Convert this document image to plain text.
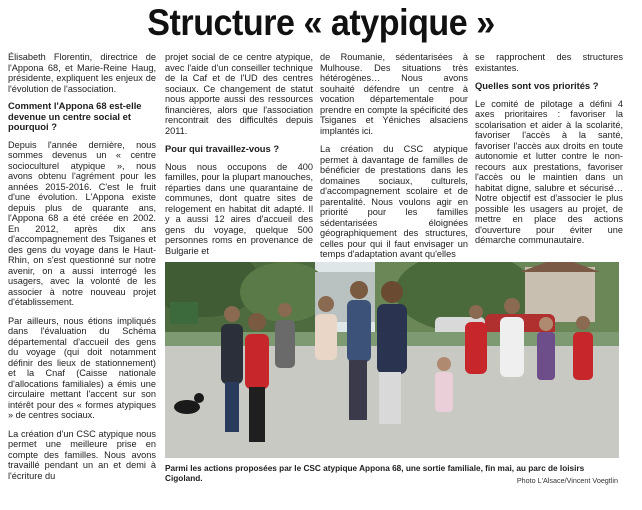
Structure « atypique »

Élisabeth Florentin, directrice de l'Appona 68, et Marie-Reine Haug, présidente, expliquent les enjeux de l'évolution de l'association.

Comment l'Appona 68 est-elle devenue un centre social et pourquoi ?

Depuis l'année dernière, nous sommes devenus un « centre socioculturel atypique », nous avons obtenu l'agrément pour les années 2015-2016. C'est le fruit d'une évolution. L'Appona existe depuis plus de quarante ans, l'Appona 68 a été créée en 2002. En 2012, après dix ans d'accompagnement des Tsiganes et des gens du voyage dans le Haut-Rhin, on s'est questionné sur notre avenir, on a aussi interrogé les usagers, avec la volonté de les associer à notre nouveau projet d'établissement.

Par ailleurs, nous étions impliqués dans l'évaluation du Schéma départemental d'accueil des gens du voyage (qui doit notamment définir des lieux de stationnement) et la Cnaf (Caisse nationale d'allocations familiales) a émis une circulaire mettant l'accent sur son intérêt pour des « formes atypiques » de centres sociaux.

La création d'un CSC atypique nous permet une meilleure prise en compte des familles. Nous avons travaillé pendant un an et demi à l'écriture du

projet social de ce centre atypique, avec l'aide d'un conseiller technique de la Caf et de l'UD des centres sociaux. Ce changement de statut nous apporte aussi des ressources financières, alors que l'association rencontrait des difficultés depuis 2011.

Pour qui travaillez-vous ?

Nous nous occupons de 400 familles, pour la plupart manouches, réparties dans une quarantaine de communes, dont quatre sites de relogement en habitat dit adapté. Il y a aussi 12 aires d'accueil des gens du voyage, quelque 500 personnes roms en provenance de Bulgarie et

de Roumanie, sédentarisées à Mulhouse. Des situations très hétérogènes… Nous avons souhaité défendre un centre à vocation départementale pour prendre en compte la spécificité des Tsiganes et Yéniches alsaciens implantés ici.

La création du CSC atypique permet à davantage de familles de bénéficier de prestations dans les domaines sociaux, culturels, d'accompagnement scolaire et de parentalité. Nous voulons agir en priorité pour les familles sédentarisées éloignées géographiquement des structures, celles pour qui il faut envisager un temps d'adaptation avant qu'elles

se rapprochent des structures existantes.

Quelles sont vos priorités ?

Le comité de pilotage a défini 4 axes prioritaires : favoriser la scolarisation et aider à la scolarité, favoriser l'accès à la santé, favoriser l'accès aux droits en toute autonomie et lutter contre le non-recours aux prestations, favoriser l'accès ou le maintien dans un habitat digne, salubre et sécurisé… Notre objectif est d'associer le plus possible les usagers au projet, de mettre en place des actions d'ouverture pour éviter une démarche communautaire.

Parmi les actions proposées par le CSC atypique Appona 68, une sortie familiale, fin mai, au parc de loisirs Cigoland.	Photo L'Alsace/Vincent Voegtlin
